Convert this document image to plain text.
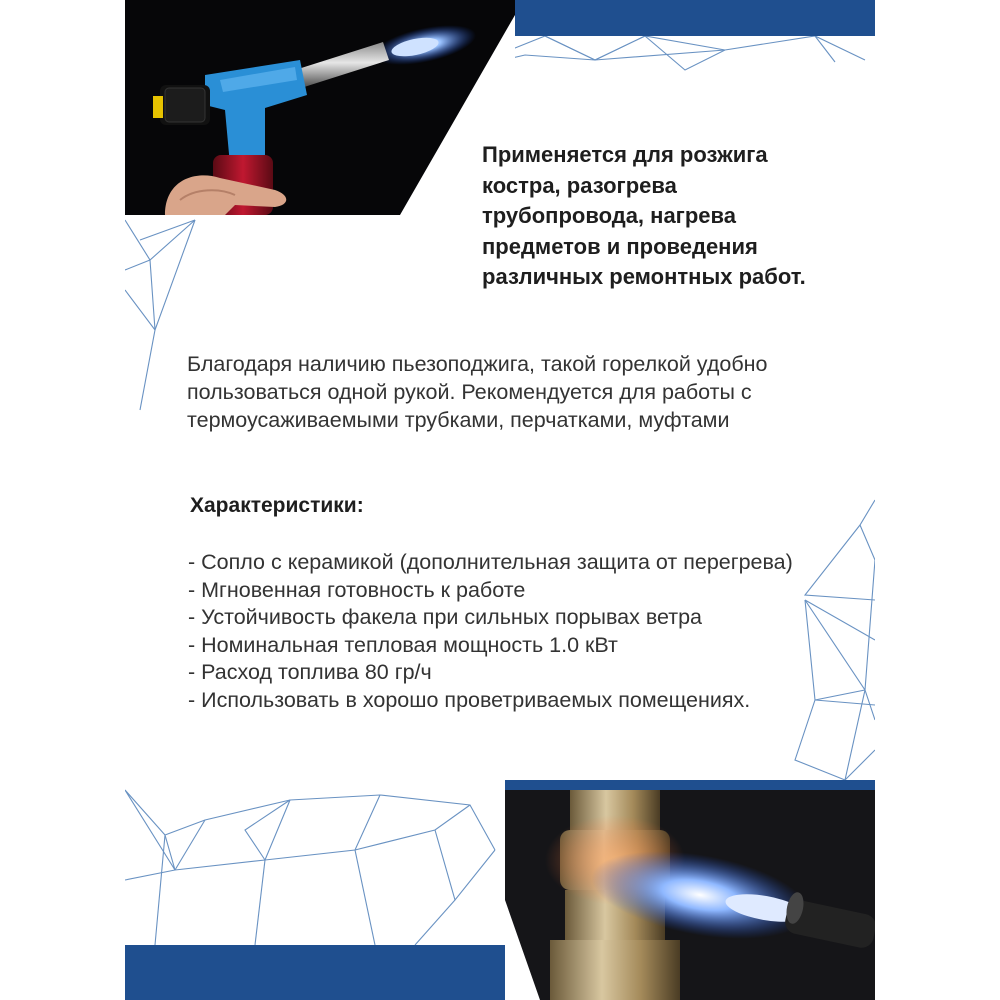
Применяется для розжига костра, разогрева трубопровода, нагрева предметов и проведения различных ремонтных работ.

Благодаря наличию пьезоподжига, такой горелкой удобно пользоваться одной рукой. Рекомендуется для работы с термоусаживаемыми трубками, перчатками, муфтами

Характеристики:

- Сопло с керамикой (дополнительная защита от перегрева)
- Мгновенная готовность к работе
- Устойчивость факела при сильных порывах ветра
- Номинальная тепловая мощность 1.0 кВт
- Расход топлива 80 гр/ч
- Использовать в хорошо проветриваемых помещениях.
